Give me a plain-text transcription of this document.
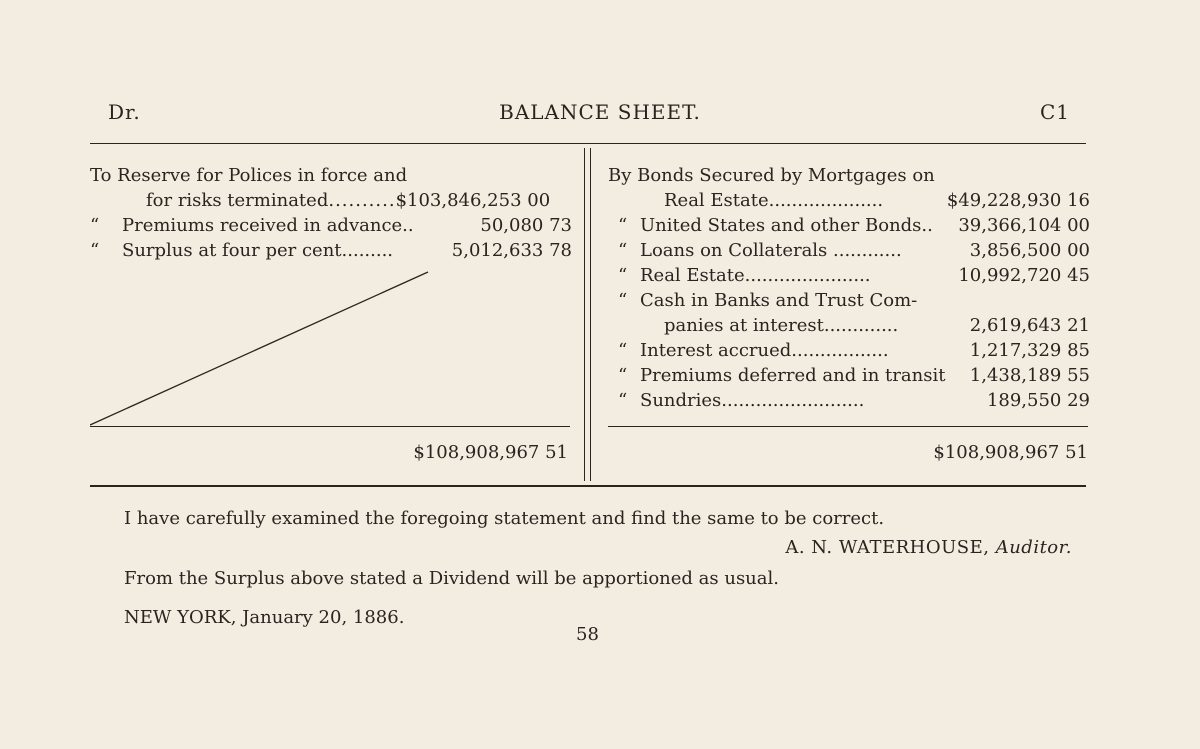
Dr.	BALANCE SHEET.	C1
To Reserve for Polices in force and
for risks terminated..........$103,846,253 00
“ Premiums received in advance..	50,080 73
“ Surplus at four per cent.........	5,012,633 78
By Bonds Secured by Mortgages on
Real Estate....................	$49,228,930 16
“ United States and other Bonds.. 39,366,104 00
“ Loans on Collaterals ............	3,856,500 00
“ Real Estate......................	10,992,720 45
“ Cash in Banks and Trust Com-
panies at interest.............	2,619,643 21
“ Interest accrued.................	1,217,329 85
“ Premiums deferred and in transit 1,438,189 55
“ Sundries.........................	189,550 29
$108,908,967 51	$108,908,967 51
I have carefully examined the foregoing statement and find the same to be correct.
A. N. WATERHOUSE, Auditor.
From the Surplus above stated a Dividend will be apportioned as usual.
NEW YORK, January 20, 1886.
58
